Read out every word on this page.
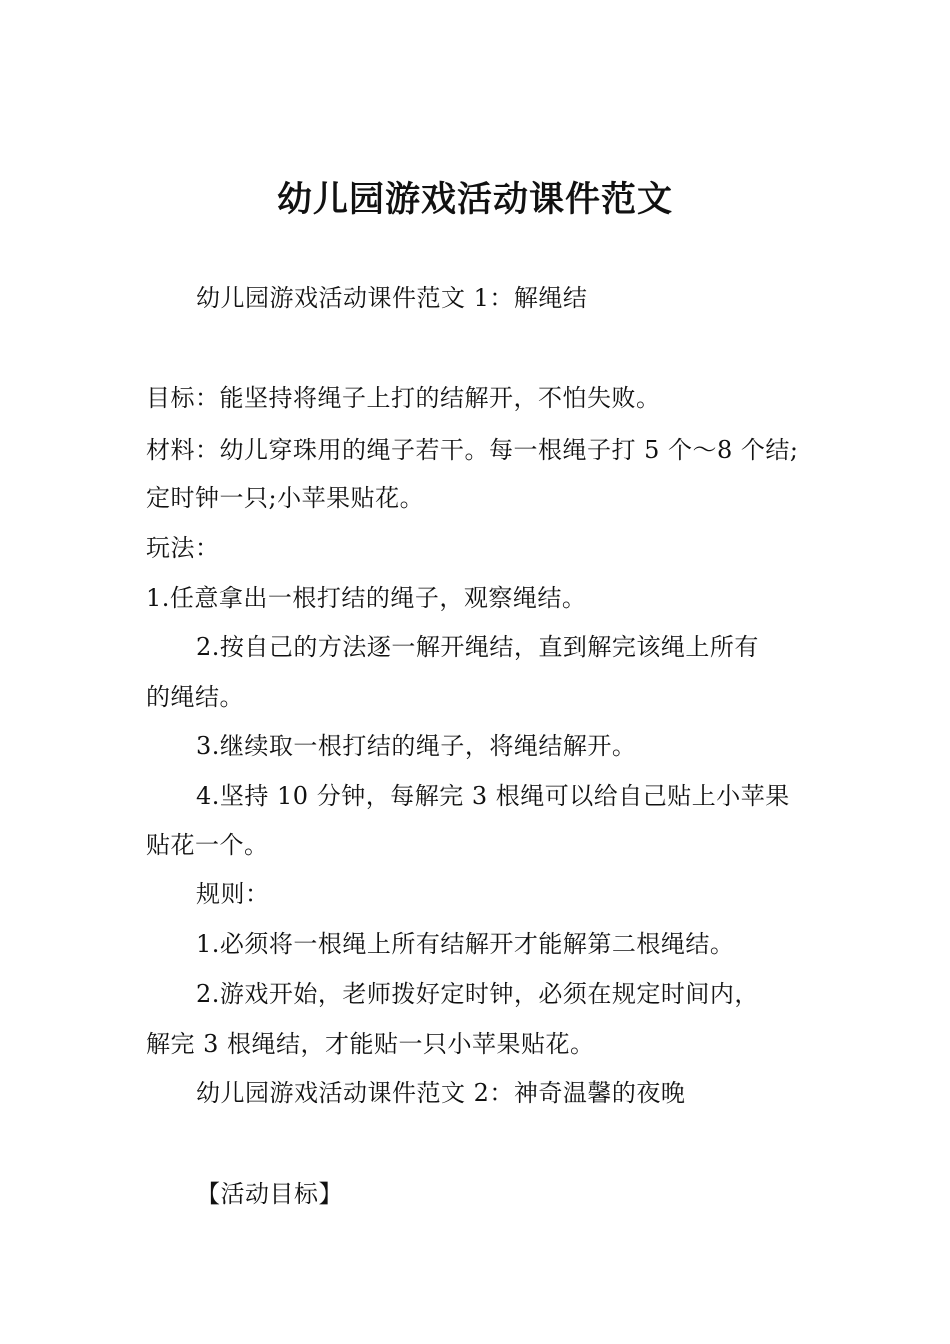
幼儿园游戏活动课件范文
幼儿园游戏活动课件范文 1：解绳结
目标：能坚持将绳子上打的结解开，不怕失败。
材料：幼儿穿珠用的绳子若干。每一根绳子打 5 个～8 个结;
定时钟一只;小苹果贴花。
玩法：
1.任意拿出一根打结的绳子，观察绳结。
2.按自己的方法逐一解开绳结，直到解完该绳上所有
的绳结。
3.继续取一根打结的绳子，将绳结解开。
4.坚持 10 分钟，每解完 3 根绳可以给自己贴上小苹果
贴花一个。
规则：
1.必须将一根绳上所有结解开才能解第二根绳结。
2.游戏开始，老师拨好定时钟，必须在规定时间内，
解完 3 根绳结，才能贴一只小苹果贴花。
幼儿园游戏活动课件范文 2：神奇温馨的夜晚
【活动目标】
